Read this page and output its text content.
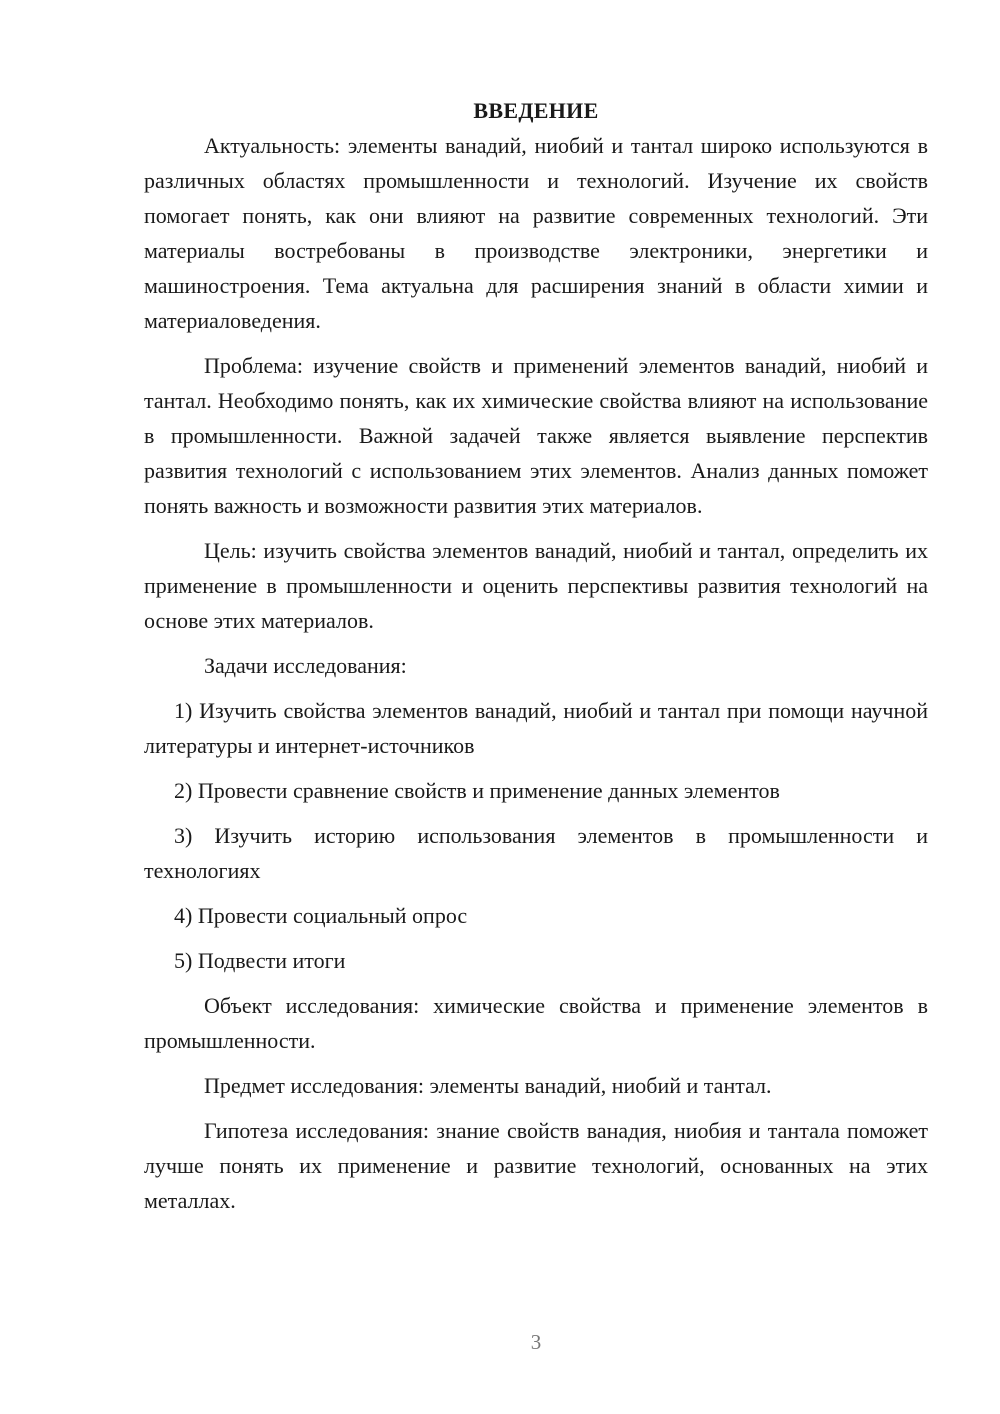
ВВЕДЕНИЕ

Актуальность: элементы ванадий, ниобий и тантал широко используются в различных областях промышленности и технологий. Изучение их свойств помогает понять, как они влияют на развитие современных технологий. Эти материалы востребованы в производстве электроники, энергетики и машиностроения. Тема актуальна для расширения знаний в области химии и материаловедения.

Проблема: изучение свойств и применений элементов ванадий, ниобий и тантал. Необходимо понять, как их химические свойства влияют на использование в промышленности. Важной задачей также является выявление перспектив развития технологий с использованием этих элементов. Анализ данных поможет понять важность и возможности развития этих материалов.

Цель: изучить свойства элементов ванадий, ниобий и тантал, определить их применение в промышленности и оценить перспективы развития технологий на основе этих материалов.

Задачи исследования:

1) Изучить свойства элементов ванадий, ниобий и тантал при помощи научной литературы и интернет-источников

2) Провести сравнение свойств и применение данных элементов

3) Изучить историю использования элементов в промышленности и технологиях

4) Провести социальный опрос

5) Подвести итоги

Объект исследования: химические свойства и применение элементов в промышленности.

Предмет исследования: элементы ванадий, ниобий и тантал.

Гипотеза исследования: знание свойств ванадия, ниобия и тантала поможет лучше понять их применение и развитие технологий, основанных на этих металлах.

3
